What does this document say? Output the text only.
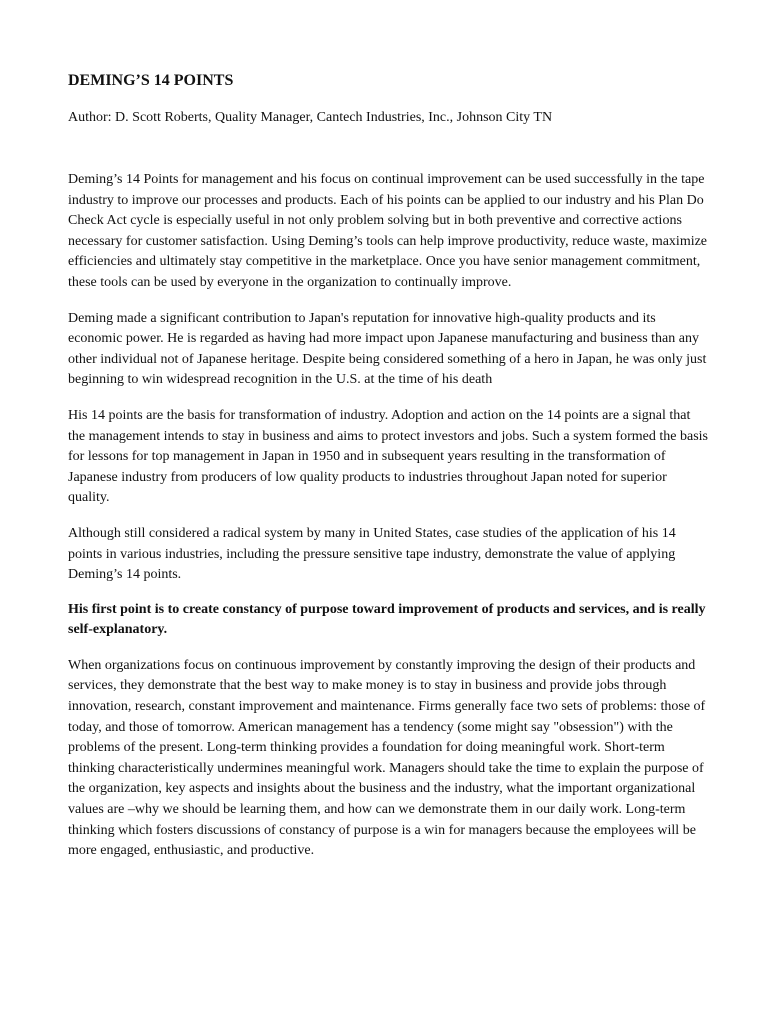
DEMING’S 14 POINTS

Author: D. Scott Roberts, Quality Manager, Cantech Industries, Inc., Johnson City TN

Deming’s 14 Points for management and his focus on continual improvement can be used successfully in the tape industry to improve our processes and products. Each of his points can be applied to our industry and his Plan Do Check Act cycle is especially useful in not only problem solving but in both preventive and corrective actions necessary for customer satisfaction. Using Deming’s tools can help improve productivity, reduce waste, maximize efficiencies and ultimately stay competitive in the marketplace. Once you have senior management commitment, these tools can be used by everyone in the organization to continually improve.

Deming made a significant contribution to Japan's reputation for innovative high-quality products and its economic power. He is regarded as having had more impact upon Japanese manufacturing and business than any other individual not of Japanese heritage. Despite being considered something of a hero in Japan, he was only just beginning to win widespread recognition in the U.S. at the time of his death

His 14 points are the basis for transformation of industry. Adoption and action on the 14 points are a signal that the management intends to stay in business and aims to protect investors and jobs. Such a system formed the basis for lessons for top management in Japan in 1950 and in subsequent years resulting in the transformation of Japanese industry from producers of low quality products to industries throughout Japan noted for superior quality.

Although still considered a radical system by many in United States, case studies of the application of his 14 points in various industries, including the pressure sensitive tape industry, demonstrate the value of applying Deming’s 14 points.

His first point is to create constancy of purpose toward improvement of products and services, and is really self-explanatory.

When organizations focus on continuous improvement by constantly improving the design of their products and services, they demonstrate that the best way to make money is to stay in business and provide jobs through innovation, research, constant improvement and maintenance. Firms generally face two sets of problems: those of today, and those of tomorrow. American management has a tendency (some might say "obsession") with the problems of the present. Long-term thinking provides a foundation for doing meaningful work. Short-term thinking characteristically undermines meaningful work. Managers should take the time to explain the purpose of the organization, key aspects and insights about the business and the industry, what the important organizational values are –why we should be learning them, and how can we demonstrate them in our daily work. Long-term thinking which fosters discussions of constancy of purpose is a win for managers because the employees will be more engaged, enthusiastic, and productive.
